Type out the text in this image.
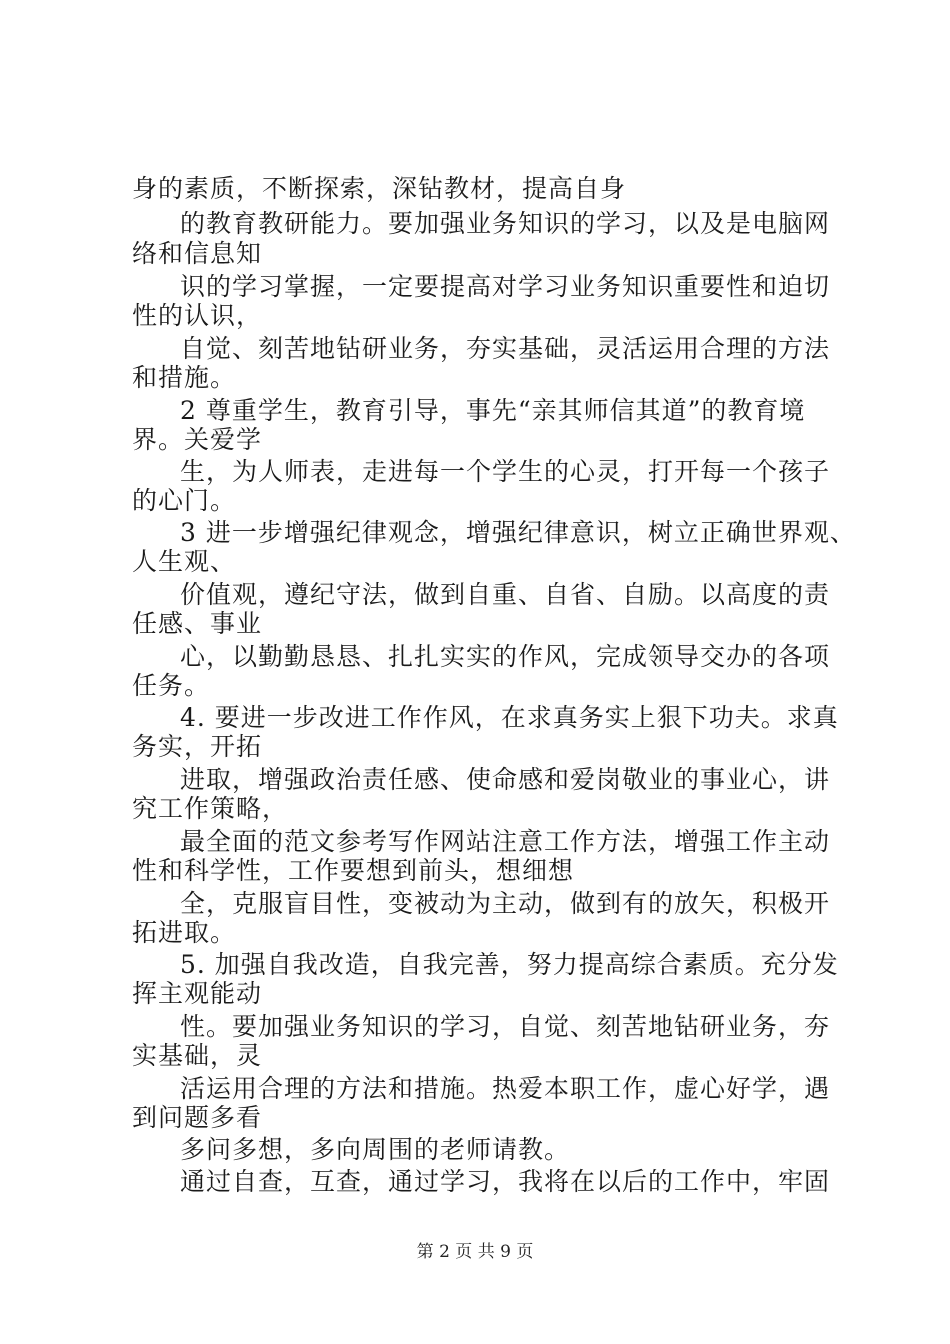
身的素质，不断探索，深钻教材，提高自身
的教育教研能力。要加强业务知识的学习，以及是电脑网
络和信息知
识的学习掌握，一定要提高对学习业务知识重要性和迫切
性的认识，
自觉、刻苦地钻研业务，夯实基础，灵活运用合理的方法
和措施。
2 尊重学生，教育引导，事先“亲其师信其道”的教育境
界。关爱学
生，为人师表，走进每一个学生的心灵，打开每一个孩子
的心门。
3 进一步增强纪律观念，增强纪律意识，树立正确世界观、
人生观、
价值观，遵纪守法，做到自重、自省、自励。以高度的责
任感、事业
心，以勤勤恳恳、扎扎实实的作风，完成领导交办的各项
任务。
4. 要进一步改进工作作风，在求真务实上狠下功夫。求真
务实，开拓
进取，增强政治责任感、使命感和爱岗敬业的事业心，讲
究工作策略，
最全面的范文参考写作网站注意工作方法，增强工作主动
性和科学性，工作要想到前头，想细想
全，克服盲目性，变被动为主动，做到有的放矢，积极开
拓进取。
5. 加强自我改造，自我完善，努力提高综合素质。充分发
挥主观能动
性。要加强业务知识的学习，自觉、刻苦地钻研业务，夯
实基础，灵
活运用合理的方法和措施。热爱本职工作，虚心好学，遇
到问题多看
多问多想，多向周围的老师请教。
通过自查，互查，通过学习，我将在以后的工作中，牢固
第 2 页 共 9 页
